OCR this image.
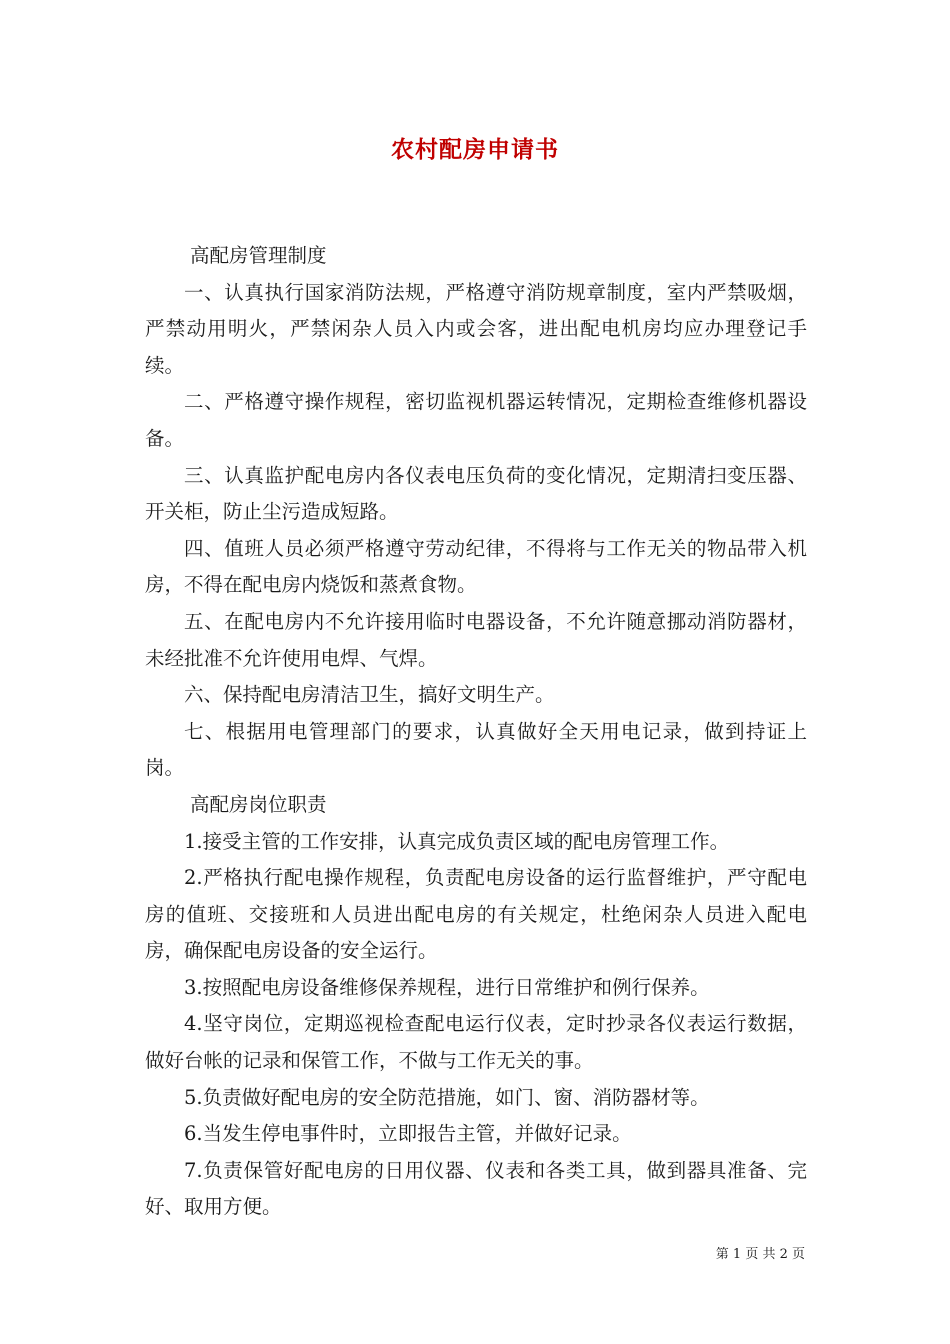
农村配房申请书

高配房管理制度

一、认真执行国家消防法规，严格遵守消防规章制度，室内严禁吸烟，严禁动用明火，严禁闲杂人员入内或会客，进出配电机房均应办理登记手续。

二、严格遵守操作规程，密切监视机器运转情况，定期检查维修机器设备。

三、认真监护配电房内各仪表电压负荷的变化情况，定期清扫变压器、开关柜，防止尘污造成短路。

四、值班人员必须严格遵守劳动纪律，不得将与工作无关的物品带入机房，不得在配电房内烧饭和蒸煮食物。

五、在配电房内不允许接用临时电器设备，不允许随意挪动消防器材，未经批准不允许使用电焊、气焊。

六、保持配电房清洁卫生，搞好文明生产。

七、根据用电管理部门的要求，认真做好全天用电记录，做到持证上岗。

高配房岗位职责

1.接受主管的工作安排，认真完成负责区域的配电房管理工作。

2.严格执行配电操作规程，负责配电房设备的运行监督维护，严守配电房的值班、交接班和人员进出配电房的有关规定，杜绝闲杂人员进入配电房，确保配电房设备的安全运行。

3.按照配电房设备维修保养规程，进行日常维护和例行保养。

4.坚守岗位，定期巡视检查配电运行仪表，定时抄录各仪表运行数据，做好台帐的记录和保管工作，不做与工作无关的事。

5.负责做好配电房的安全防范措施，如门、窗、消防器材等。

6.当发生停电事件时，立即报告主管，并做好记录。

7.负责保管好配电房的日用仪器、仪表和各类工具，做到器具准备、完好、取用方便。

第 1 页 共 2 页
